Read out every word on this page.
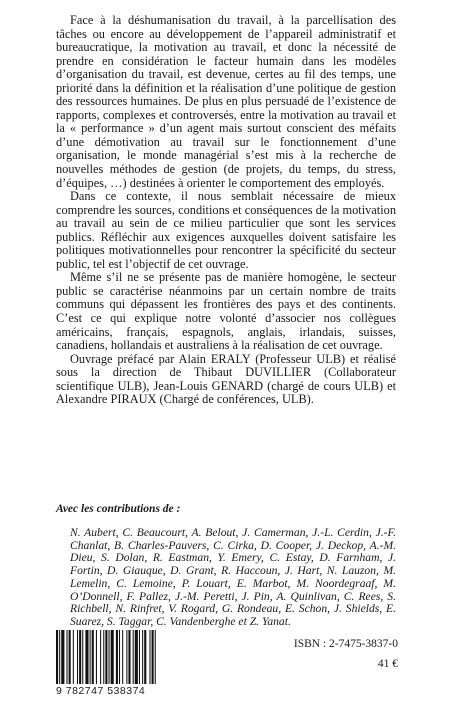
Face à la déshumanisation du travail, à la parcellisation des tâches ou encore au développement de l’appareil administratif et bureaucratique, la motivation au travail, et donc la nécessité de prendre en considération le facteur humain dans les modèles d’organisation du travail, est devenue, certes au fil des temps, une priorité dans la définition et la réalisation d’une politique de gestion des ressources humaines. De plus en plus persuadé de l’existence de rapports, complexes et controversés, entre la motivation au travail et la « performance » d’un agent mais surtout conscient des méfaits d’une démotivation au travail sur le fonctionnement d’une organisation, le monde managérial s’est mis à la recherche de nouvelles méthodes de gestion (de projets, du temps, du stress, d’équipes, …) destinées à orienter le comportement des employés.

Dans ce contexte, il nous semblait nécessaire de mieux comprendre les sources, conditions et conséquences de la motivation au travail au sein de ce milieu particulier que sont les services publics. Réfléchir aux exigences auxquelles doivent satisfaire les politiques motivationnelles pour rencontrer la spécificité du secteur public, tel est l’objectif de cet ouvrage.

Même s’il ne se présente pas de manière homogène, le secteur public se caractérise néanmoins par un certain nombre de traits communs qui dépassent les frontières des pays et des continents. C’est ce qui explique notre volonté d’associer nos collègues américains, français, espagnols, anglais, irlandais, suisses, canadiens, hollandais et australiens à la réalisation de cet ouvrage.

Ouvrage préfacé par Alain ERALY (Professeur ULB) et réalisé sous la direction de Thibaut DUVILLIER (Collaborateur scientifique ULB), Jean-Louis GENARD (chargé de cours ULB) et Alexandre PIRAUX (Chargé de conférences, ULB).

Avec les contributions de :
N. Aubert, C. Beaucourt, A. Belout, J. Camerman, J.-L. Cerdin, J.-F. Chanlat, B. Charles-Pauvers, C. Cirka, D. Cooper, J. Deckop, A.-M. Dieu, S. Dolan, R. Eastman, Y. Emery, C. Estay, D. Farnham, J. Fortin, D. Giauque, D. Grant, R. Haccoun, J. Hart, N. Lauzon, M. Lemelin, C. Lemoine, P. Louart, E. Marbot, M. Noordegraaf, M. O’Donnell, F. Pallez, J.-M. Peretti, J. Pin, A. Quinlivan, C. Rees, S. Richbell, N. Rinfret, V. Rogard, G. Rondeau, E. Schon, J. Shields, E. Suarez, S. Taggar, C. Vandenberghe et Z. Yanat.
9 782747 538374
ISBN : 2-7475-3837-0
41 €
